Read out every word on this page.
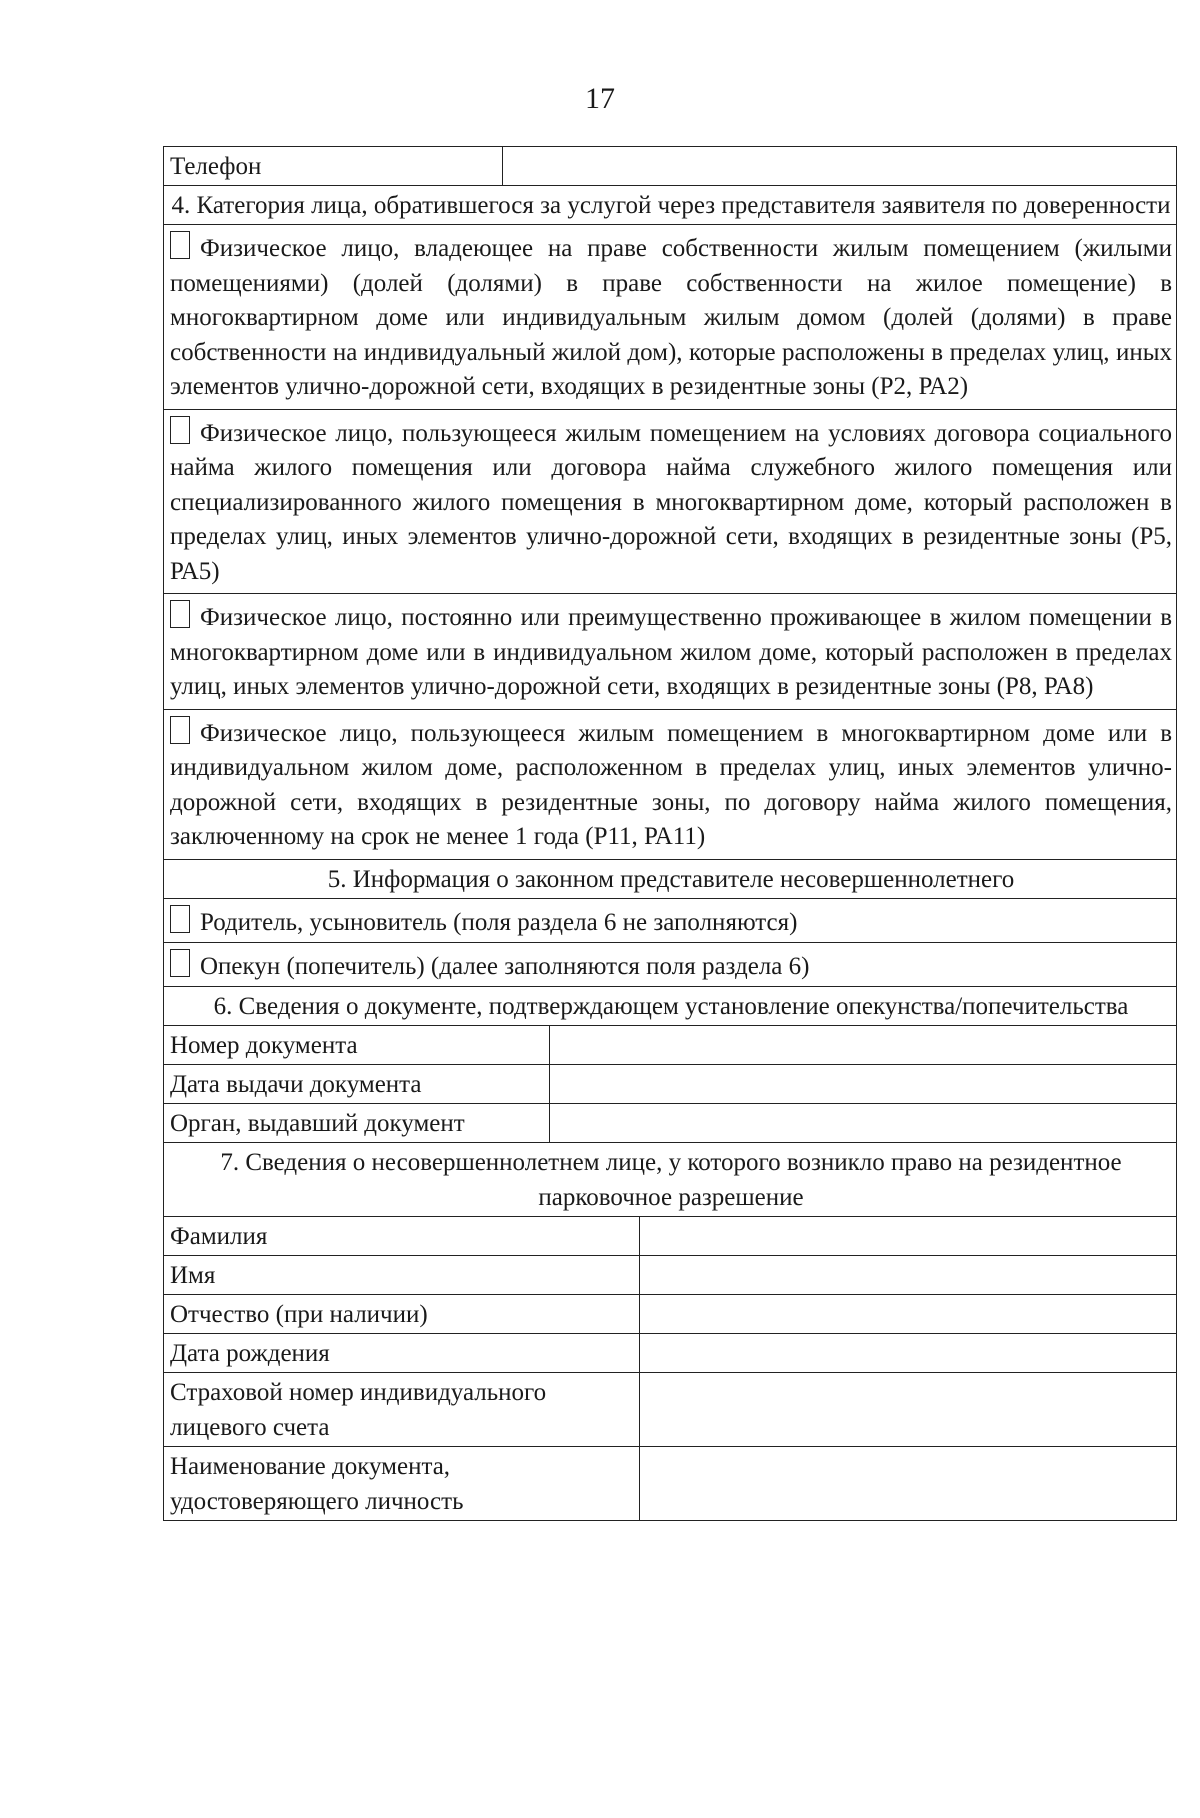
17
Телефон
4. Категория лица, обратившегося за услугой через представителя заявителя по доверенности
Физическое лицо, владеющее на праве собственности жилым помещением (жилыми помещениями) (долей (долями) в праве собственности на жилое помещение) в многоквартирном доме или индивидуальным жилым домом (долей (долями) в праве собственности на индивидуальный жилой дом), которые расположены в пределах улиц, иных элементов улично-дорожной сети, входящих в резидентные зоны (Р2, РА2)
Физическое лицо, пользующееся жилым помещением на условиях договора социального найма жилого помещения или договора найма служебного жилого помещения или специализированного жилого помещения в многоквартирном доме, который расположен в пределах улиц, иных элементов улично-дорожной сети, входящих в резидентные зоны (Р5, РА5)
Физическое лицо, постоянно или преимущественно проживающее в жилом помещении в многоквартирном доме или в индивидуальном жилом доме, который расположен в пределах улиц, иных элементов улично-дорожной сети, входящих в резидентные зоны (Р8, РА8)
Физическое лицо, пользующееся жилым помещением в многоквартирном доме или в индивидуальном жилом доме, расположенном в пределах улиц, иных элементов улично-дорожной сети, входящих в резидентные зоны, по договору найма жилого помещения, заключенному на срок не менее 1 года (Р11, РА11)
5. Информация о законном представителе несовершеннолетнего
Родитель, усыновитель (поля раздела 6 не заполняются)
Опекун (попечитель) (далее заполняются поля раздела 6)
6. Сведения о документе, подтверждающем установление опекунства/попечительства
Номер документа
Дата выдачи документа
Орган, выдавший документ
7. Сведения о несовершеннолетнем лице, у которого возникло право на резидентное парковочное разрешение
Фамилия
Имя
Отчество (при наличии)
Дата рождения
Страховой номер индивидуального лицевого счета
Наименование документа, удостоверяющего личность
